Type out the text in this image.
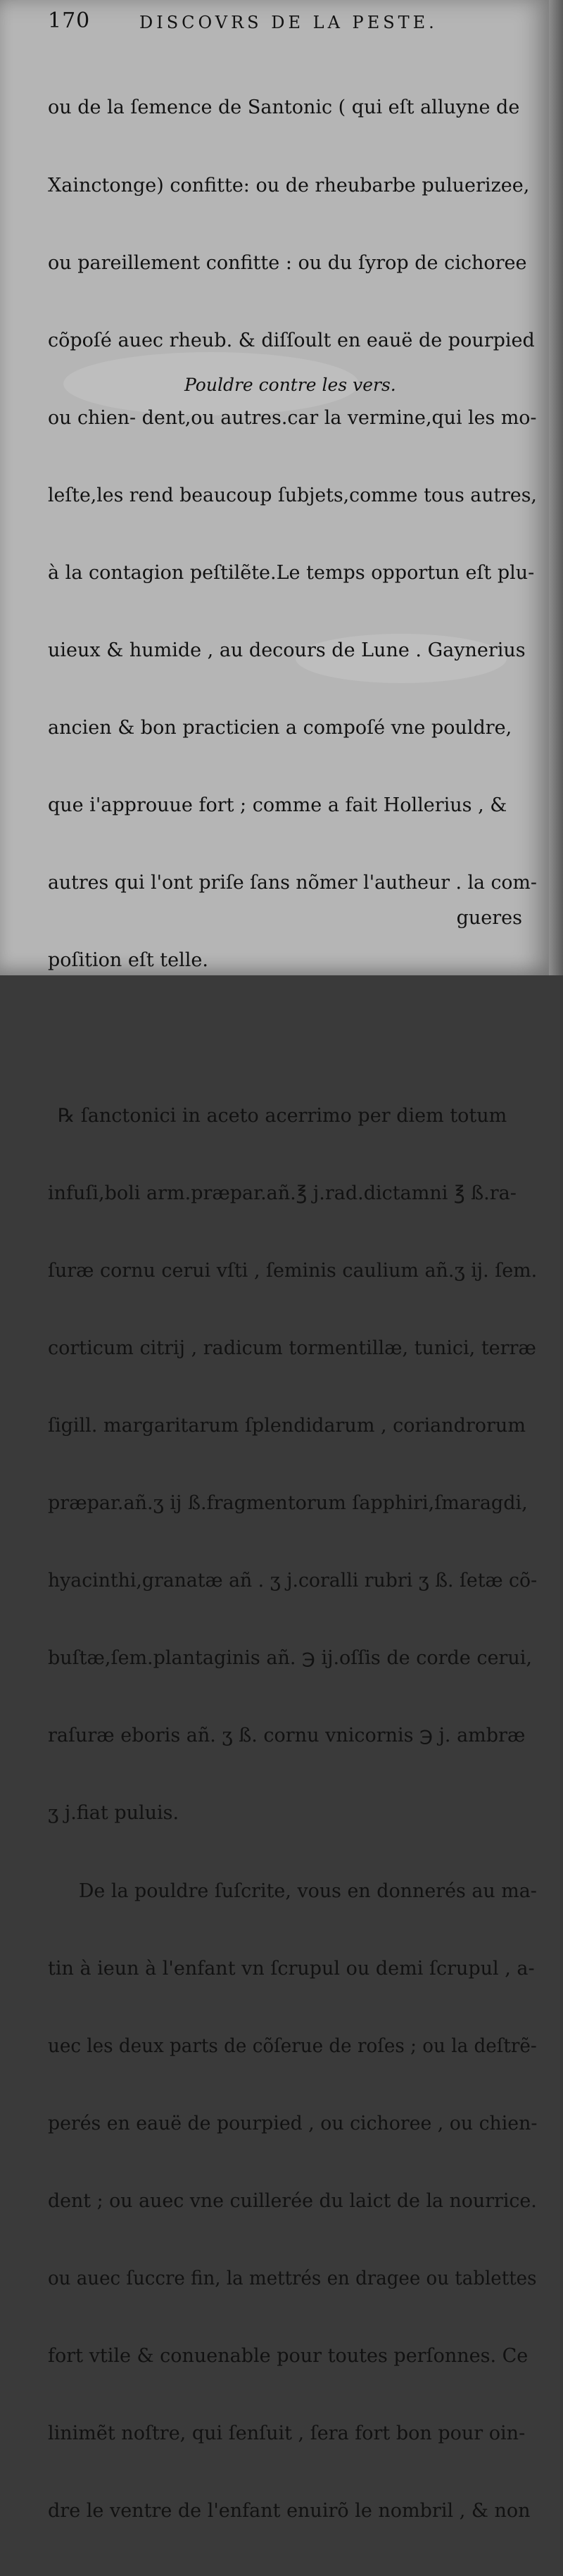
170	DISCOVRS DE LA PESTE.

ou de la ſemence de Santonic ( qui eſt alluyne de

Xainctonge) confitte: ou de rheubarbe puluerizee,

ou pareillement confitte : ou du ſyrop de cichoree

cõpoſé auec rheub. & diſſoult en eauë de pourpied

ou chien- dent,ou autres.car la vermine,qui les mo-

leſte,les rend beaucoup ſubjets,comme tous autres,

à la contagion peſtilẽte.Le temps opportun eſt plu-

uieux & humide , au decours de Lune . Gaynerius

ancien & bon practicien a compoſé vne pouldre,

que i'approuue fort ; comme a fait Hollerius , &

autres qui l'ont priſe ſans nõmer l'autheur . la com-

poſition eſt telle.

℞ ſanctonici in aceto acerrimo per diem totum

infuſi,boli arm.præpar.añ.℥ j.rad.dictamni ℥ ß.ra-

ſuræ cornu cerui vſti , ſeminis caulium añ.ʒ ij. ſem.

corticum citrij , radicum tormentillæ, tunici, terræ

ſigill. margaritarum ſplendidarum , coriandrorum

præpar.añ.ʒ ij ß.fragmentorum ſapphiri,ſmaragdi,

hyacinthi,granatæ añ . ʒ j.coralli rubri ʒ ß. ſetæ cõ-

buſtæ,ſem.plantaginis añ. ℈ ij.oſſis de corde cerui,

raſuræ eboris añ. ʒ ß. cornu vnicornis ℈ j. ambræ

ʒ j.fiat puluis.

De la pouldre ſuſcrite, vous en donnerés au ma-

tin à ieun à l'enfant vn ſcrupul ou demi ſcrupul , a-

uec les deux parts de cõſerue de roſes ; ou la deſtrẽ-

perés en eauë de pourpied , ou cichoree , ou chien-

dent ; ou auec vne cuillerée du laict de la nourrice.

ou auec ſuccre fin, la mettrés en dragee ou tablettes

fort vtile & conuenable pour toutes perſonnes. Ce

linimẽt noſtre, qui ſenſuit , ſera fort bon pour oin-

dre le ventre de l'enfant enuirõ le nombril , & non

Pouldre contre les vers.
gueres
